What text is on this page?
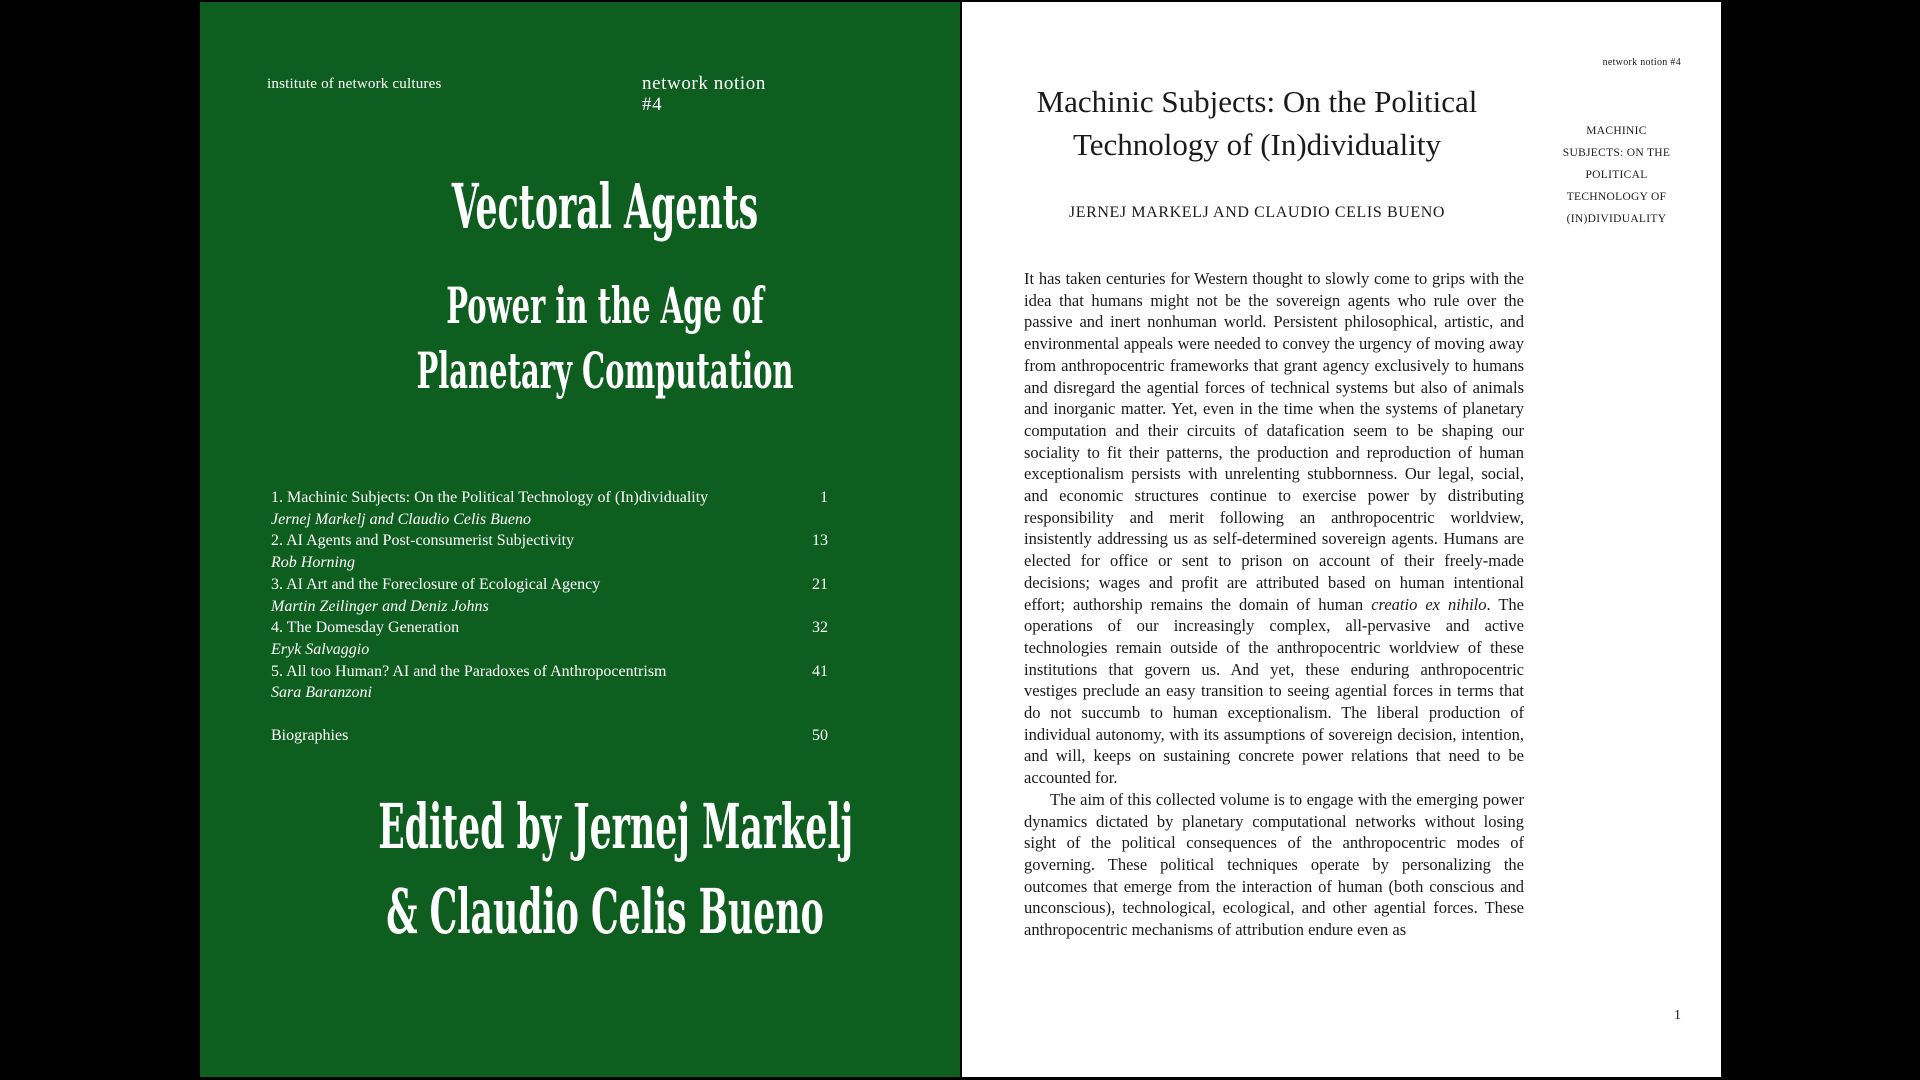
institute of network cultures	network notion
#4
Vectoral Agents
Power in the Age of
Planetary Computation
1. Machinic Subjects: On the Political Technology of (In)dividuality	1
Jernej Markelj and Claudio Celis Bueno
2. AI Agents and Post-consumerist Subjectivity	13
Rob Horning
3. AI Art and the Foreclosure of Ecological Agency	21
Martin Zeilinger and Deniz Johns
4. The Domesday Generation	32
Eryk Salvaggio
5. All too Human? AI and the Paradoxes of Anthropocentrism	41
Sara Baranzoni
Biographies	50
Edited by Jernej Markelj
& Claudio Celis Bueno
network notion #4
Machinic Subjects: On the Political
Technology of (In)dividuality
JERNEJ MARKELJ AND CLAUDIO CELIS BUENO
MACHINIC
SUBJECTS: ON THE
POLITICAL
TECHNOLOGY OF
(IN)DIVIDUALITY

It has taken centuries for Western thought to slowly come to grips with the idea that humans might not be the sovereign agents who rule over the passive and inert nonhuman world. Persistent philosophical, artistic, and environmental appeals were needed to convey the urgency of moving away from anthropocentric frameworks that grant agency exclusively to humans and disregard the agential forces of technical systems but also of animals and inorganic matter. Yet, even in the time when the systems of planetary computation and their circuits of datafication seem to be shaping our sociality to fit their patterns, the production and reproduction of human exceptionalism persists with unrelenting stubbornness. Our legal, social, and economic structures continue to exercise power by distributing responsibility and merit following an anthropocentric worldview, insistently addressing us as self-determined sovereign agents. Humans are elected for office or sent to prison on account of their freely-made decisions; wages and profit are attributed based on human intentional effort; authorship remains the domain of human creatio ex nihilo. The operations of our increasingly complex, all-pervasive and active technologies remain outside of the anthropocentric worldview of these institutions that govern us. And yet, these enduring anthropocentric vestiges preclude an easy transition to seeing agential forces in terms that do not succumb to human exceptionalism. The liberal production of individual autonomy, with its assumptions of sovereign decision, intention, and will, keeps on sustaining concrete power relations that need to be accounted for.

The aim of this collected volume is to engage with the emerging power dynamics dictated by planetary computational networks without losing sight of the political consequences of the anthropocentric modes of governing. These political techniques operate by personalizing the outcomes that emerge from the interaction of human (both conscious and unconscious), technological, ecological, and other agential forces. These anthropocentric mechanisms of attribution endure even as

1
